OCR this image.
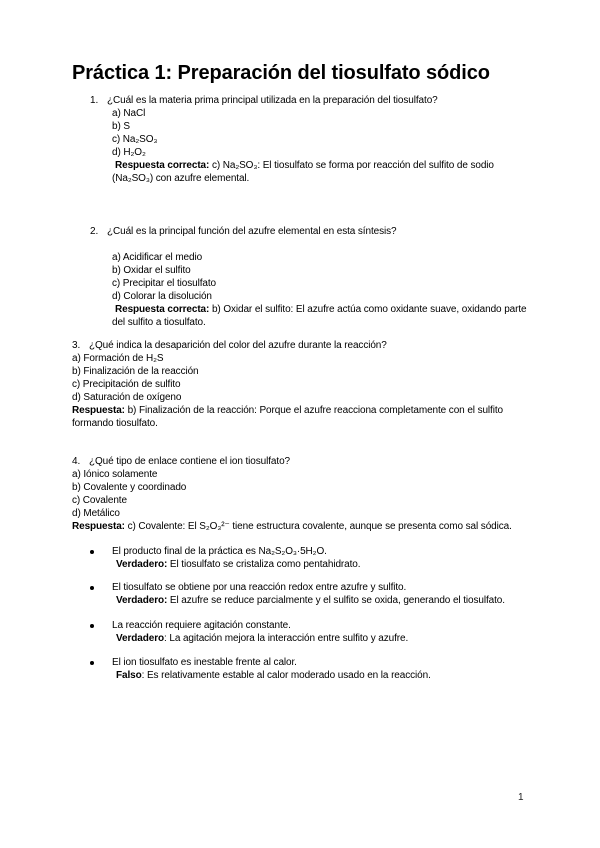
Práctica 1: Preparación del tiosulfato sódico
1. ¿Cuál es la materia prima principal utilizada en la preparación del tiosulfato?
a) NaCl
b) S
c) Na₂SO₃
d) H₂O₂

Respuesta correcta: c) Na₂SO₃: El tiosulfato se forma por reacción del sulfito de sodio (Na₂SO₃) con azufre elemental.

2. ¿Cuál es la principal función del azufre elemental en esta síntesis?
a) Acidificar el medio
b) Oxidar el sulfito
c) Precipitar el tiosulfato
d) Colorar la disolución

Respuesta correcta: b) Oxidar el sulfito: El azufre actúa como oxidante suave, oxidando parte del sulfito a tiosulfato.

3. ¿Qué indica la desaparición del color del azufre durante la reacción?
a) Formación de H₂S
b) Finalización de la reacción
c) Precipitación de sulfito
d) Saturación de oxígeno

Respuesta: b) Finalización de la reacción: Porque el azufre reacciona completamente con el sulfito formando tiosulfato.

4. ¿Qué tipo de enlace contiene el ion tiosulfato?
a) Iónico solamente
b) Covalente y coordinado
c) Covalente
d) Metálico

Respuesta: c) Covalente: El S₂O₃²⁻ tiene estructura covalente, aunque se presenta como sal sódica.

El producto final de la práctica es Na₂S₂O₃·5H₂O.
Verdadero: El tiosulfato se cristaliza como pentahidrato.
El tiosulfato se obtiene por una reacción redox entre azufre y sulfito.
Verdadero: El azufre se reduce parcialmente y el sulfito se oxida, generando el tiosulfato.
La reacción requiere agitación constante.
Verdadero: La agitación mejora la interacción entre sulfito y azufre.
El ion tiosulfato es inestable frente al calor.
Falso: Es relativamente estable al calor moderado usado en la reacción.
1
